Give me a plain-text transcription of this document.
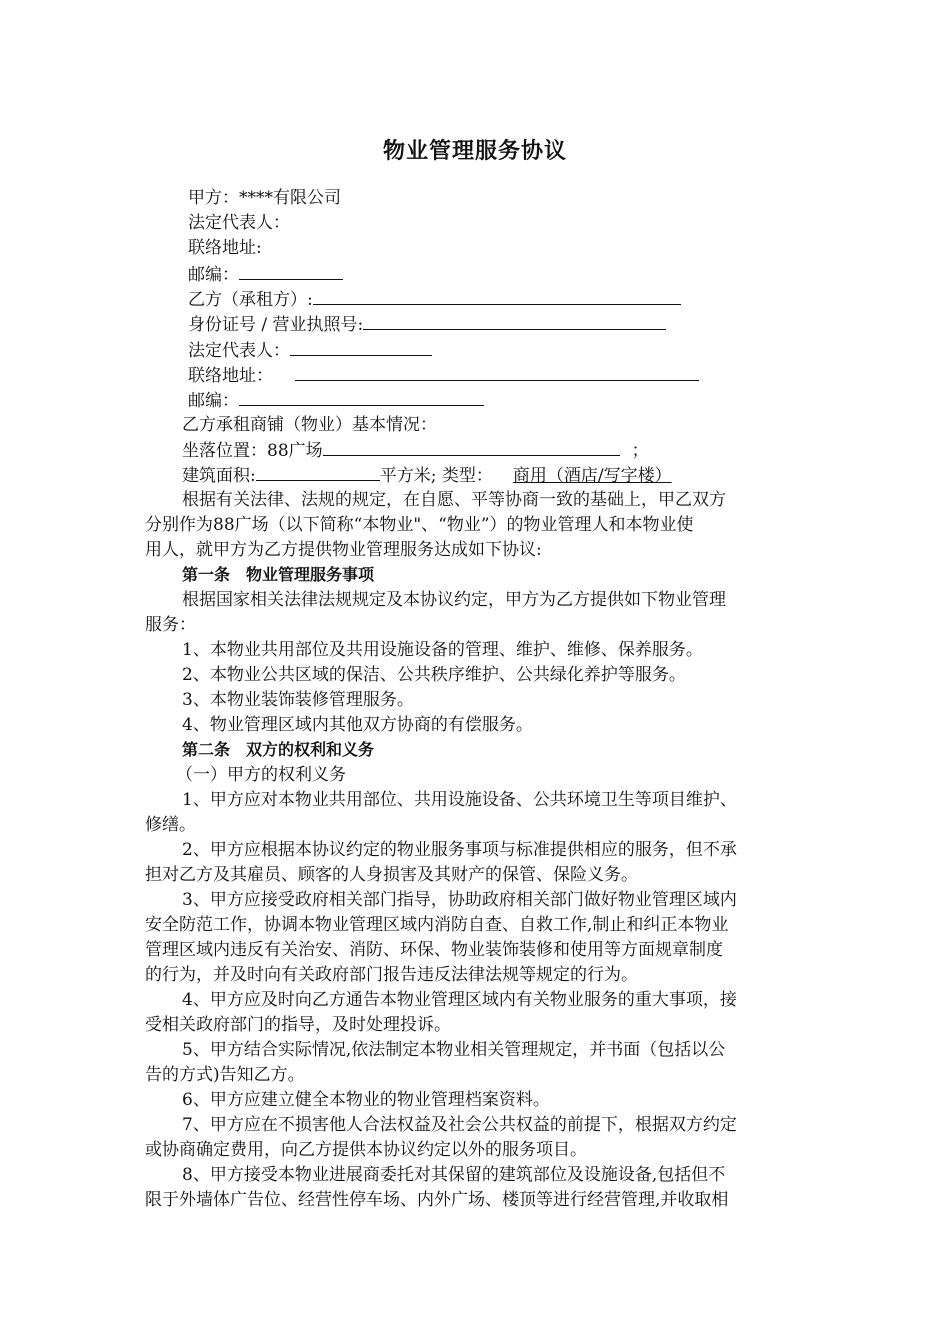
物业管理服务协议
甲方：****有限公司
法定代表人：
联络地址:
邮编：
乙方（承租方）:
身份证号 / 营业执照号:
法定代表人：
联络地址：
邮编：
乙方承租商铺（物业）基本情况：
坐落位置：88广场	；
建筑面积:	平方米; 类型： 商用（酒店/写字楼）
根据有关法律、法规的规定，在自愿、平等协商一致的基础上，甲乙双方
分别作为88广场（以下简称“本物业"、“物业”）的物业管理人和本物业使
用人，就甲方为乙方提供物业管理服务达成如下协议:
第一条　物业管理服务事项
根据国家相关法律法规规定及本协议约定，甲方为乙方提供如下物业管理
服务：
1、本物业共用部位及共用设施设备的管理、维护、维修、保养服务。
2、本物业公共区域的保洁、公共秩序维护、公共绿化养护等服务。
3、本物业装饰装修管理服务。
4、物业管理区域内其他双方协商的有偿服务。
第二条　双方的权利和义务
（一）甲方的权利义务
1、甲方应对本物业共用部位、共用设施设备、公共环境卫生等项目维护、
修缮。
2、甲方应根据本协议约定的物业服务事项与标准提供相应的服务，但不承
担对乙方及其雇员、顾客的人身损害及其财产的保管、保险义务。
3、甲方应接受政府相关部门指导，协助政府相关部门做好物业管理区域内
安全防范工作，协调本物业管理区域内消防自查、自救工作,制止和纠正本物业
管理区域内违反有关治安、消防、环保、物业装饰装修和使用等方面规章制度
的行为，并及时向有关政府部门报告违反法律法规等规定的行为。
4、甲方应及时向乙方通告本物业管理区域内有关物业服务的重大事项，接
受相关政府部门的指导，及时处理投诉。
5、甲方结合实际情况,依法制定本物业相关管理规定，并书面（包括以公
告的方式)告知乙方。
6、甲方应建立健全本物业的物业管理档案资料。
7、甲方应在不损害他人合法权益及社会公共权益的前提下，根据双方约定
或协商确定费用，向乙方提供本协议约定以外的服务项目。
8、甲方接受本物业进展商委托对其保留的建筑部位及设施设备,包括但不
限于外墙体广告位、经营性停车场、内外广场、楼顶等进行经营管理,并收取相
